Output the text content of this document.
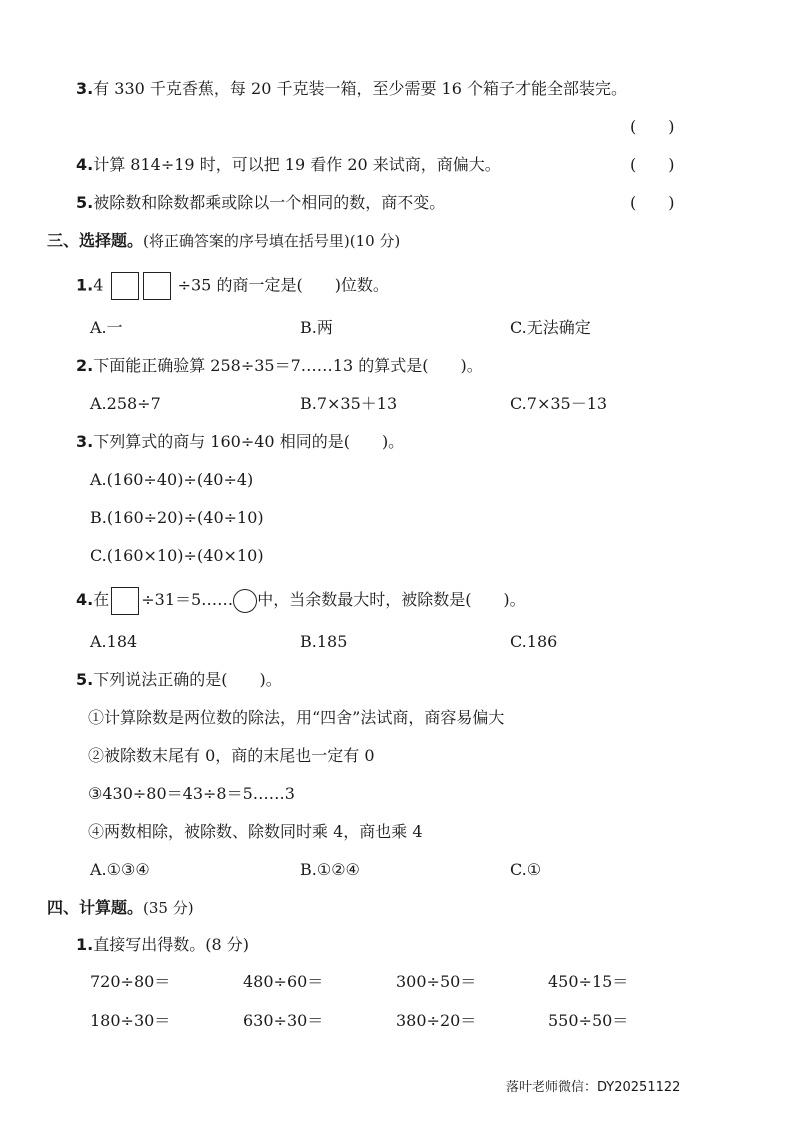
3.有 330 千克香蕉，每 20 千克装一箱，至少需要 16 个箱子才能全部装完。
(　　)
4.计算 814÷19 时，可以把 19 看作 20 来试商，商偏大。	(　　)
5.被除数和除数都乘或除以一个相同的数，商不变。	(　　)
三、选择题。(将正确答案的序号填在括号里)(10 分)
1.4	÷35 的商一定是(　　)位数。
A.一	B.两	C.无法确定
2.下面能正确验算 258÷35＝7……13 的算式是(　　)。
A.258÷7	B.7×35＋13	C.7×35－13
3.下列算式的商与 160÷40 相同的是(　　)。
A.(160÷40)÷(40÷4)
B.(160÷20)÷(40÷10)
C.(160×10)÷(40×10)
4.在 ÷31＝5…… 中，当余数最大时，被除数是(　　)。
A.184	B.185	C.186
5.下列说法正确的是(　　)。
①计算除数是两位数的除法，用“四舍”法试商，商容易偏大
②被除数末尾有 0，商的末尾也一定有 0
③430÷80＝43÷8＝5……3
④两数相除，被除数、除数同时乘 4，商也乘 4
A.①③④	B.①②④	C.①
四、计算题。(35 分)
1.直接写出得数。(8 分)
720÷80＝	480÷60＝	300÷50＝	450÷15＝
180÷30＝	630÷30＝	380÷20＝	550÷50＝
落叶老师微信：DY20251122
